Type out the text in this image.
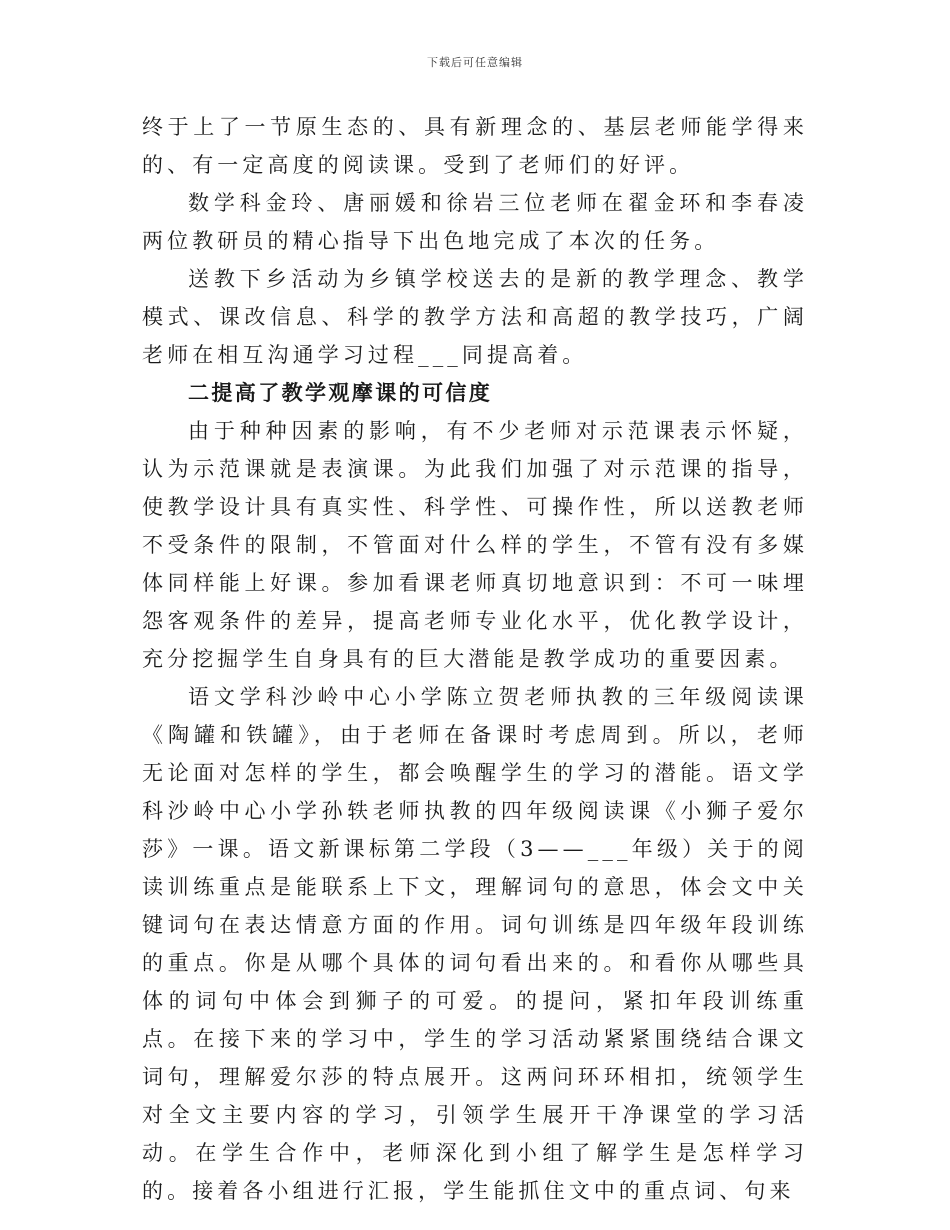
下载后可任意编辑

终于上了一节原生态的、具有新理念的、基层老师能学得来的、有一定高度的阅读课。受到了老师们的好评。

数学科金玲、唐丽媛和徐岩三位老师在翟金环和李春凌两位教研员的精心指导下出色地完成了本次的任务。

送教下乡活动为乡镇学校送去的是新的教学理念、教学模式、课改信息、科学的教学方法和高超的教学技巧，广阔老师在相互沟通学习过程___同提高着。

二提高了教学观摩课的可信度

由于种种因素的影响，有不少老师对示范课表示怀疑，认为示范课就是表演课。为此我们加强了对示范课的指导，使教学设计具有真实性、科学性、可操作性，所以送教老师不受条件的限制，不管面对什么样的学生，不管有没有多媒体同样能上好课。参加看课老师真切地意识到：不可一味埋怨客观条件的差异，提高老师专业化水平，优化教学设计，充分挖掘学生自身具有的巨大潜能是教学成功的重要因素。

语文学科沙岭中心小学陈立贺老师执教的三年级阅读课《陶罐和铁罐》，由于老师在备课时考虑周到。所以，老师无论面对怎样的学生，都会唤醒学生的学习的潜能。语文学科沙岭中心小学孙轶老师执教的四年级阅读课《小狮子爱尔莎》一课。语文新课标第二学段（3——___年级）关于的阅读训练重点是能联系上下文，理解词句的意思，体会文中关键词句在表达情意方面的作用。词句训练是四年级年段训练的重点。你是从哪个具体的词句看出来的。和看你从哪些具体的词句中体会到狮子的可爱。的提问，紧扣年段训练重点。在接下来的学习中，学生的学习活动紧紧围绕结合课文词句，理解爱尔莎的特点展开。这两问环环相扣，统领学生对全文主要内容的学习，引领学生展开干净课堂的学习活动。在学生合作中，老师深化到小组了解学生是怎样学习的。接着各小组进行汇报，学生能抓住文中的重点词、句来
